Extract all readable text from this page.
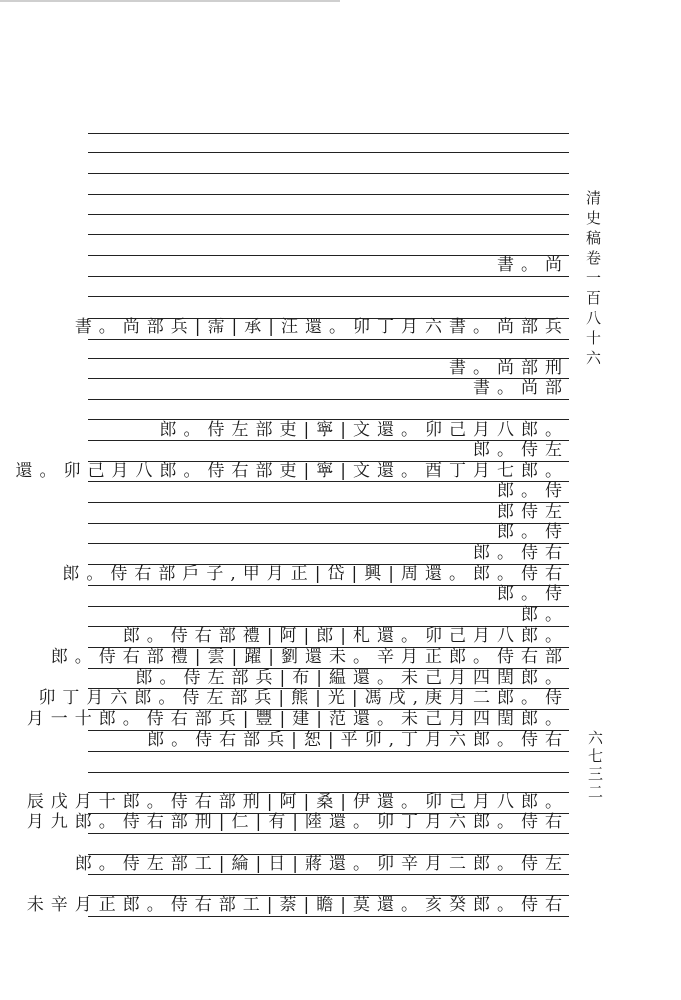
書。尚
書。尚部兵|霈|承|汪還。卯丁月六書。尚部兵
書。尚部刑
書。尚部
郎。侍左部吏|寧|文還。卯己月八郎。
郎。侍左
還。卯己月八郎。侍右部吏|寧|文還。酉丁月七郎。
郎。侍
郎侍左
郎。侍
郎。侍右
郎。侍右部戶子,甲月正|岱|興|周還。郎。侍右
郎。侍
郎。
郎。侍右部禮|阿|郎|札還。卯己月八郎。
郎。侍右部禮|雲|躍|劉還未。辛月正郎。侍右部
郎。侍左部兵|布|緼還。未己月四閏郎。
卯丁月六郎。侍左部兵|熊|光|馮戌,庚月二郎。侍
月一十郎。侍右部兵|豐|建|范還。未己月四閏郎。
郎。侍右部兵|恕|平卯,丁月六郎。侍右
辰戊月十郎。侍右部刑|阿|桑|伊還。卯己月八郎。
月九郎。侍右部刑|仁|有|陸還。卯丁月六郎。侍右
郎。侍左部工|綸|日|蔣還。卯辛月二郎。侍左
未辛月正郎。侍右部工|萘|瞻|莫還。亥癸郎。侍右
清史稿卷一百八十六
六七三二
